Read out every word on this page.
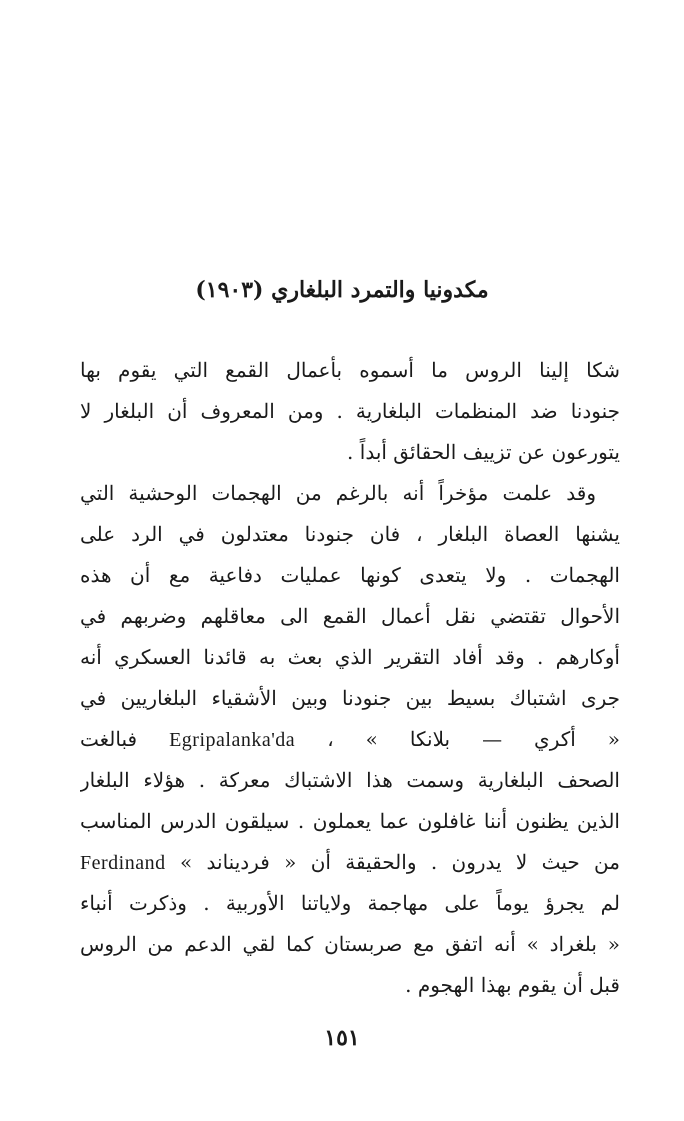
مكدونيا والتمرد البلغاري (١٩٠٣)
شكا إلينا الروس ما أسموه بأعمال القمع التي يقوم بها
جنودنا ضد المنظمات البلغارية . ومن المعروف أن البلغار لا
يتورعون عن تزييف الحقائق أبداً .
وقد علمت مؤخراً أنه بالرغم من الهجمات الوحشية التي
يشنها العصاة البلغار ، فان جنودنا معتدلون في الرد على
الهجمات . ولا يتعدى كونها عمليات دفاعية مع أن هذه
الأحوال تقتضي نقل أعمال القمع الى معاقلهم وضربهم في
أوكارهم . وقد أفاد التقرير الذي بعث به قائدنا العسكري أنه
جرى اشتباك بسيط بين جنودنا وبين الأشقياء البلغاريين في
« أكري — بلانكا » ، Egripalanka'da فبالغت
الصحف البلغارية وسمت هذا الاشتباك معركة . هؤلاء البلغار
الذين يظنون أننا غافلون عما يعملون . سيلقون الدرس المناسب
من حيث لا يدرون . والحقيقة أن « فرديناند » Ferdinand
لم يجرؤ يوماً على مهاجمة ولاياتنا الأوربية . وذكرت أنباء
« بلغراد » أنه اتفق مع صربستان كما لقي الدعم من الروس
قبل أن يقوم بهذا الهجوم .
١٥١
